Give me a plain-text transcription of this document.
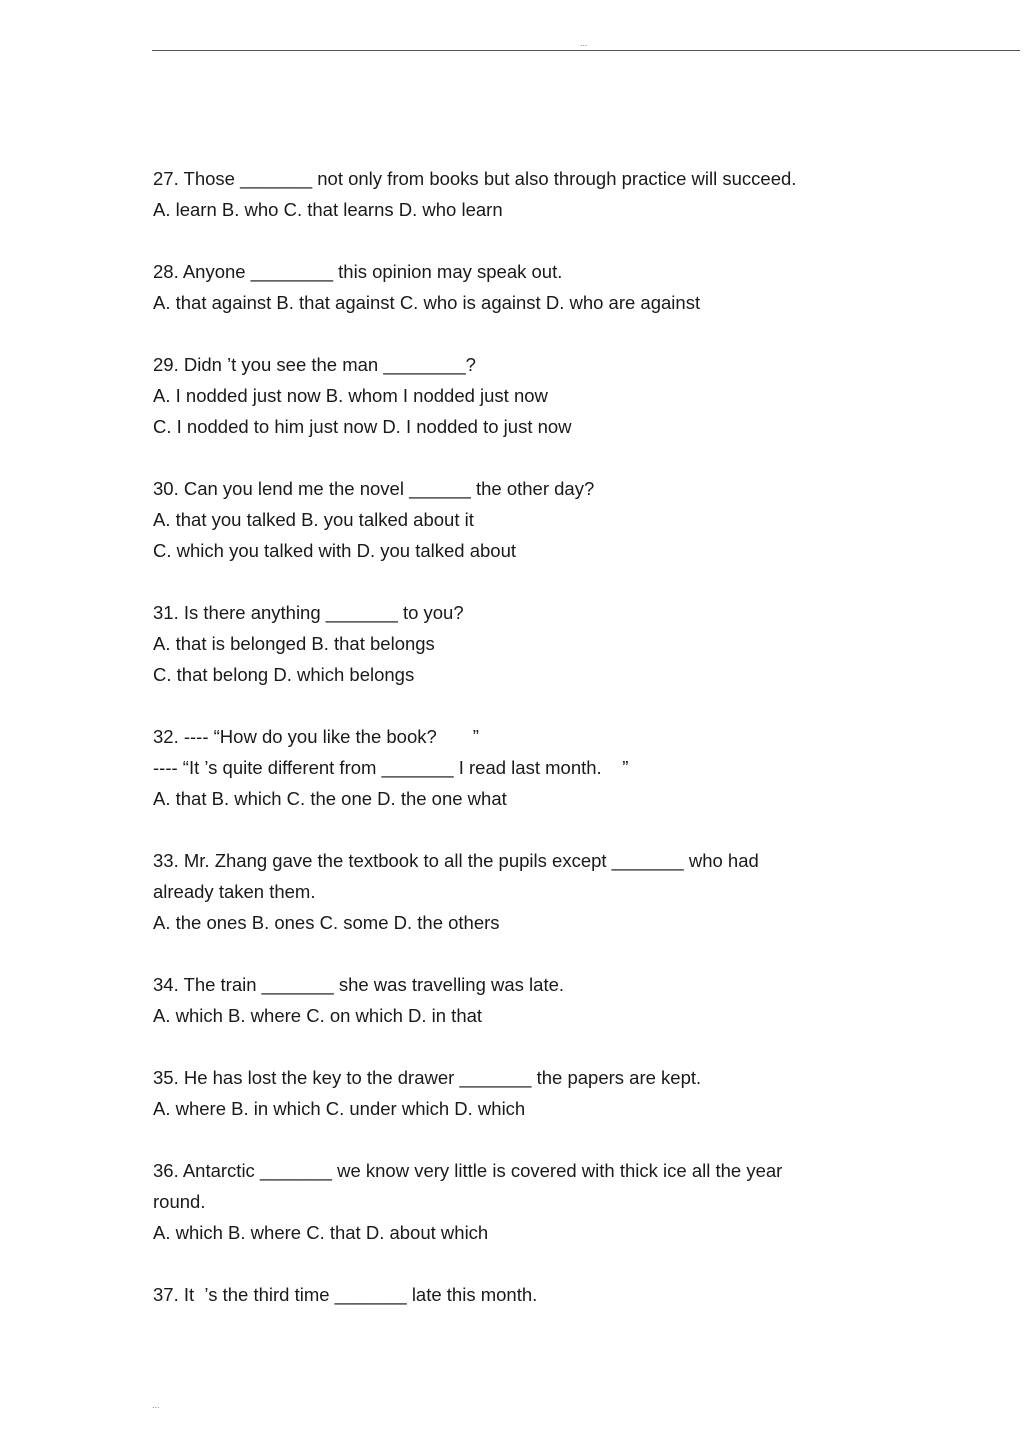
...
27. Those _______ not only from books but also through practice will succeed.
A. learn B. who C. that learns D. who learn
28. Anyone ________ this opinion may speak out.
A. that against B. that against C. who is against D. who are against
29. Didn ’t you see the man ________?
A. I nodded just now B. whom I nodded just now
C. I nodded to him just now D. I nodded to just now
30. Can you lend me the novel ______ the other day?
A. that you talked B. you talked about it
C. which you talked with D. you talked about
31. Is there anything _______ to you?
A. that is belonged B. that belongs
C. that belong D. which belongs
32. ---- “How do you like the book?       ”
---- “It ’s quite different from _______ I read last month.    ”
A. that B. which C. the one D. the one what
33. Mr. Zhang gave the textbook to all the pupils except _______ who had
already taken them.
A. the ones B. ones C. some D. the others
34. The train _______ she was travelling was late.
A. which B. where C. on which D. in that
35. He has lost the key to the drawer _______ the papers are kept.
A. where B. in which C. under which D. which
36. Antarctic _______ we know very little is covered with thick ice all the year
round.
A. which B. where C. that D. about which
37. It  ’s the third time _______ late this month.
...
